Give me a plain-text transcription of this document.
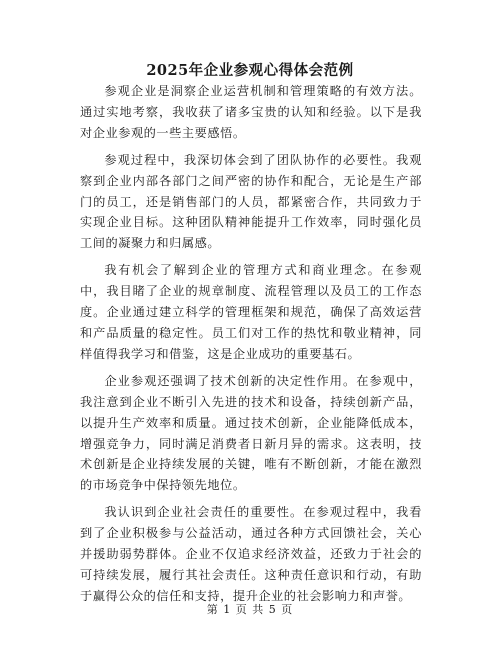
2025年企业参观心得体会范例

参观企业是洞察企业运营机制和管理策略的有效方法。通过实地考察，我收获了诸多宝贵的认知和经验。以下是我对企业参观的一些主要感悟。

参观过程中，我深切体会到了团队协作的必要性。我观察到企业内部各部门之间严密的协作和配合，无论是生产部门的员工，还是销售部门的人员，都紧密合作，共同致力于实现企业目标。这种团队精神能提升工作效率，同时强化员工间的凝聚力和归属感。

我有机会了解到企业的管理方式和商业理念。在参观中，我目睹了企业的规章制度、流程管理以及员工的工作态度。企业通过建立科学的管理框架和规范，确保了高效运营和产品质量的稳定性。员工们对工作的热忱和敬业精神，同样值得我学习和借鉴，这是企业成功的重要基石。

企业参观还强调了技术创新的决定性作用。在参观中，我注意到企业不断引入先进的技术和设备，持续创新产品，以提升生产效率和质量。通过技术创新，企业能降低成本，增强竞争力，同时满足消费者日新月异的需求。这表明，技术创新是企业持续发展的关键，唯有不断创新，才能在激烈的市场竞争中保持领先地位。

我认识到企业社会责任的重要性。在参观过程中，我看到了企业积极参与公益活动，通过各种方式回馈社会，关心并援助弱势群体。企业不仅追求经济效益，还致力于社会的可持续发展，履行其社会责任。这种责任意识和行动，有助于赢得公众的信任和支持，提升企业的社会影响力和声誉。

第 1 页 共 5 页
